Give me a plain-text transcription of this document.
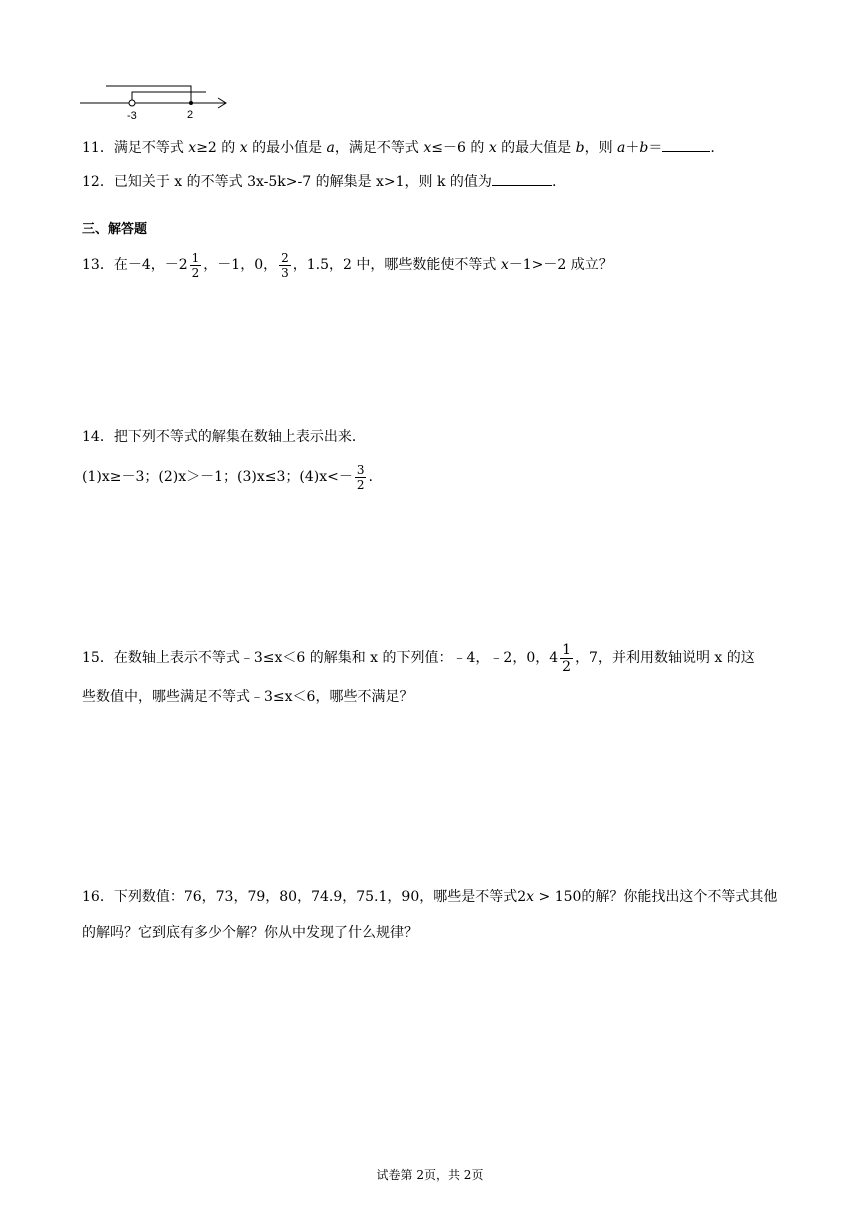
-3	2
11．满足不等式 x≥2 的 x 的最小值是 a，满足不等式 x≤－6 的 x 的最大值是 b，则 a＋b＝	.
12．已知关于 x 的不等式 3x-5k>-7 的解集是 x>1，则 k 的值为	.
三、解答题
13．在－4，$-2 \frac{1}{2}$ ，－1，0， $\frac{2}{3}$ ，1.5，2 中，哪些数能使不等式 x－1>－2 成立？
14．把下列不等式的解集在数轴上表示出来．
(1)x≥－3；(2)x＞－1；(3)x≤3；$(4)x<- \frac{3}{2}$ .
15．在数轴上表示不等式﹣3≤x＜6 的解集和 x 的下列值：﹣4，﹣2，0，$4 \frac{1}{2}$ ，7，并利用数轴说明 x 的这
些数值中，哪些满足不等式﹣3≤x＜6，哪些不满足？
16．下列数值：76，73，79，80，74.9，75.1，90，哪些是不等式2x > 150的解？你能找出这个不等式其他
的解吗？它到底有多少个解？你从中发现了什么规律？
试卷第 2页，共 2页
